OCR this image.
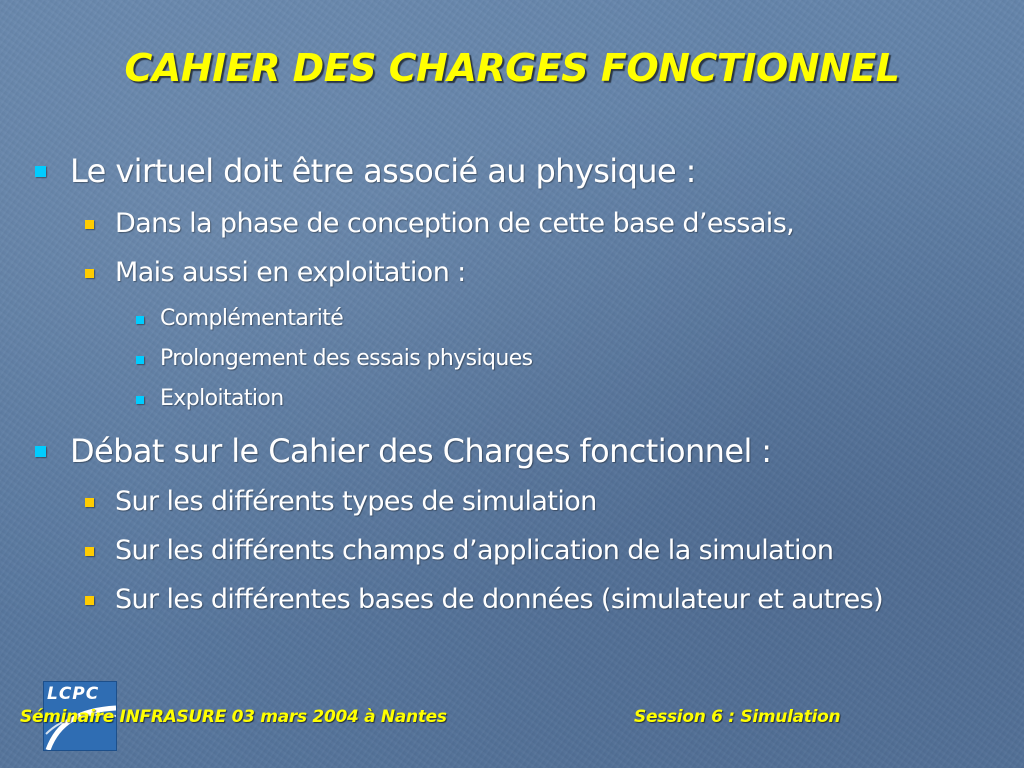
CAHIER DES CHARGES FONCTIONNEL
Le virtuel doit être associé au physique :
Dans la phase de conception de cette base d’essais,
Mais aussi en exploitation :
Complémentarité
Prolongement des essais physiques
Exploitation
Débat sur le Cahier des Charges fonctionnel :
Sur les différents types de simulation
Sur les différents champs d’application de la simulation
Sur les différentes bases de données (simulateur et autres)
LCPC
Séminaire INFRASURE 03 mars 2004 à Nantes	Session 6 : Simulation
